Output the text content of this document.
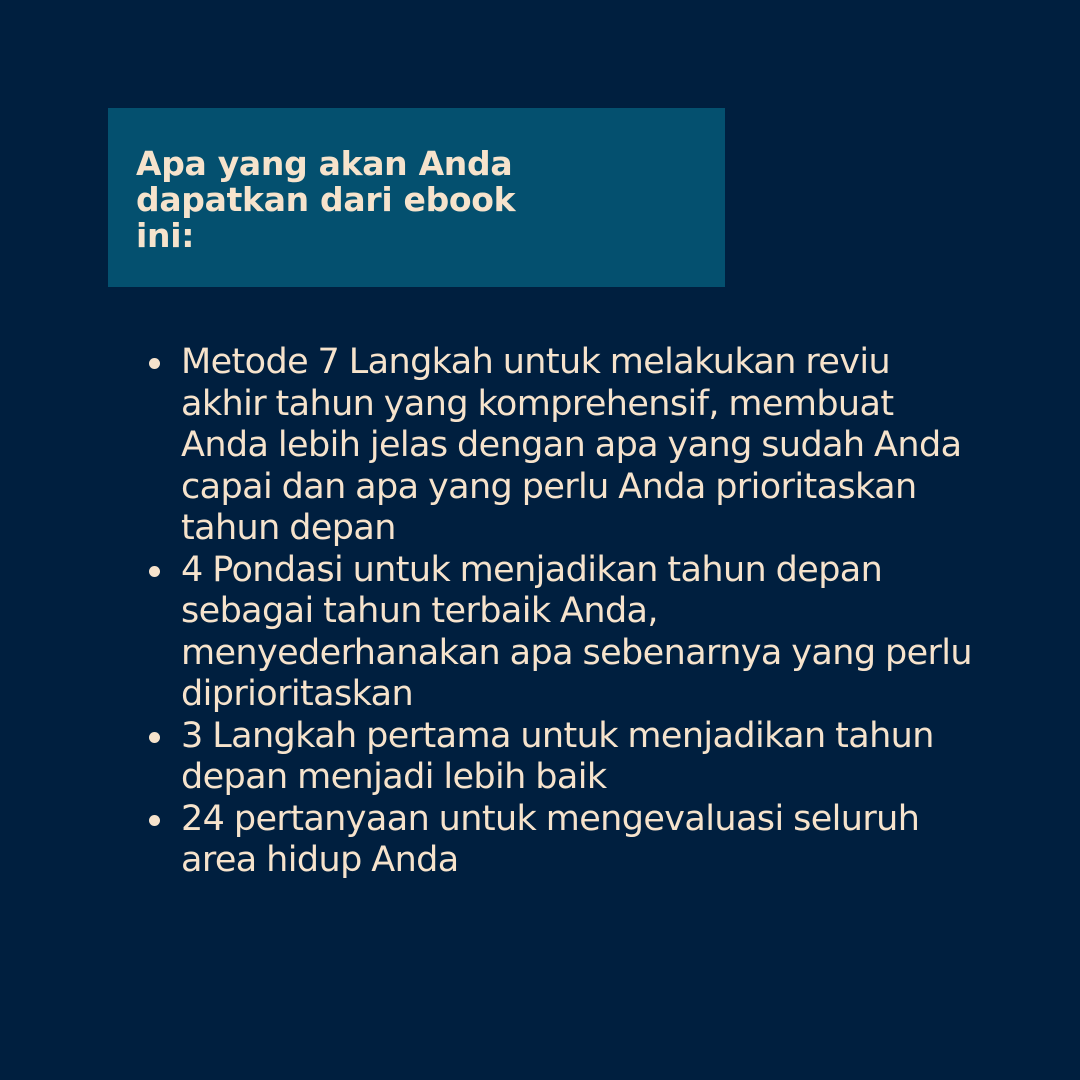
Apa yang akan Anda dapatkan dari ebook ini:
Metode 7 Langkah untuk melakukan reviu akhir tahun yang komprehensif, membuat Anda lebih jelas dengan apa yang sudah Anda capai dan apa yang perlu Anda prioritaskan tahun depan
4 Pondasi untuk menjadikan tahun depan sebagai tahun terbaik Anda, menyederhanakan apa sebenarnya yang perlu diprioritaskan
3 Langkah pertama untuk menjadikan tahun depan menjadi lebih baik
24 pertanyaan untuk mengevaluasi seluruh area hidup Anda
